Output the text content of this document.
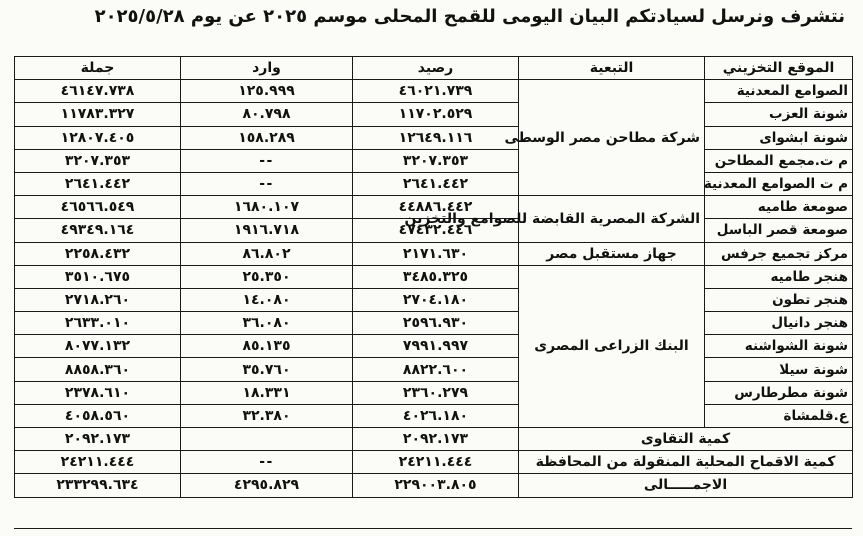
نتشرف ونرسل لسيادتكم البيان اليومى للقمح المحلى موسم ٢٠٢٥ عن يوم ٢٠٢٥/٥/٢٨
الموقع التخزيني	التبعية	رصيد	وارد	جملة
الصوامع المعدنية	شركة مطاحن مصر الوسطى	٤٦٠٢١.٧٣٩	١٢٥.٩٩٩	٤٦١٤٧.٧٣٨
شونة العزب		١١٧٠٢.٥٢٩	٨٠.٧٩٨	١١٧٨٣.٣٢٧
شونة ابشواى		١٢٦٤٩.١١٦	١٥٨.٢٨٩	١٢٨٠٧.٤٠٥
م ت.مجمع المطاحن		٣٢٠٧.٣٥٣	--	٣٢٠٧.٣٥٣
م ت الصوامع المعدنية		٢٦٤١.٤٤٢	--	٢٦٤١.٤٤٢
صومعة طاميه	الشركة المصرية القابضة للصوامع والتخزين	٤٤٨٨٦.٤٤٢	١٦٨٠.١٠٧	٤٦٥٦٦.٥٤٩
صومعة قصر الباسل		٤٧٤٣٢.٤٤٦	١٩١٦.٧١٨	٤٩٣٤٩.١٦٤
مركز تجميع جرفس	جهاز مستقبل مصر	٢١٧١.٦٣٠	٨٦.٨٠٢	٢٢٥٨.٤٣٢
هنجر طاميه	البنك الزراعى المصرى	٣٤٨٥.٣٢٥	٢٥.٣٥٠	٣٥١٠.٦٧٥
هنجر تطون		٢٧٠٤.١٨٠	١٤.٠٨٠	٢٧١٨.٢٦٠
هنجر دانيال		٢٥٩٦.٩٣٠	٣٦.٠٨٠	٢٦٣٣.٠١٠
شونة الشواشنه		٧٩٩١.٩٩٧	٨٥.١٣٥	٨٠٧٧.١٣٢
شونة سيلا		٨٨٢٢.٦٠٠	٣٥.٧٦٠	٨٨٥٨.٣٦٠
شونة مطرطارس		٢٣٦٠.٢٧٩	١٨.٣٣١	٢٣٧٨.٦١٠
ع.قلمشاة		٤٠٢٦.١٨٠	٣٢.٣٨٠	٤٠٥٨.٥٦٠
كمية التقاوى		٢٠٩٢.١٧٣		٢٠٩٢.١٧٣
كمية الاقماح المحلية المنقولة من المحافظة		٢٤٢١١.٤٤٤	--	٢٤٢١١.٤٤٤
الاجمـــــالى		٢٢٩٠٠٣.٨٠٥	٤٢٩٥.٨٢٩	٢٣٣٢٩٩.٦٣٤
